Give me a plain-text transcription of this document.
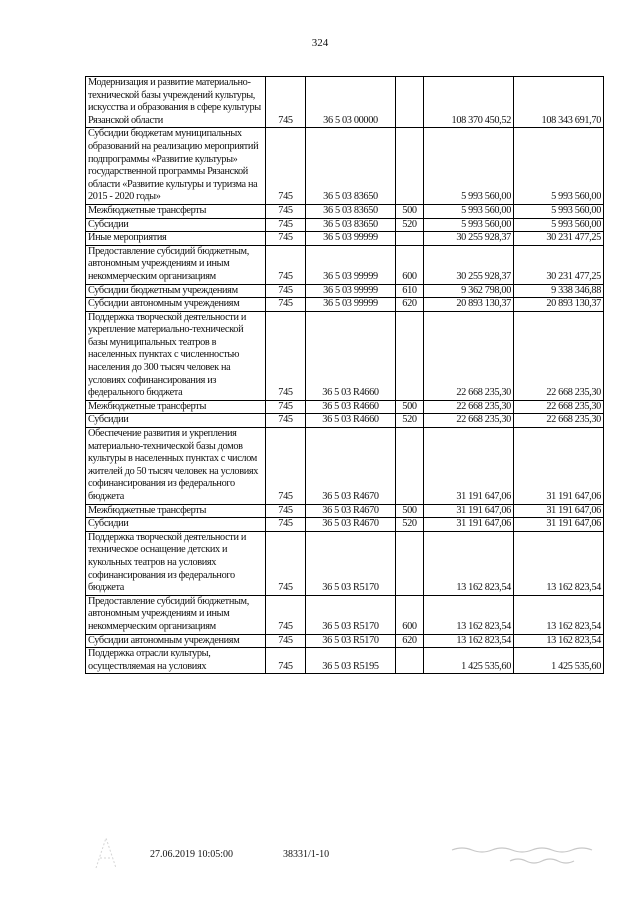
324
Модернизация и развитие материально-технической базы учреждений культуры, искусства и образования в сфере культуры Рязанской области	745	36 5 03 00000		108 370 450,52	108 343 691,70
Субсидии бюджетам муниципальных образований на реализацию мероприятий подпрограммы «Развитие культуры» государственной программы Рязанской области «Развитие культуры и туризма на 2015 - 2020 годы»	745	36 5 03 83650		5 993 560,00	5 993 560,00
Межбюджетные трансферты	745	36 5 03 83650	500	5 993 560,00	5 993 560,00
Субсидии	745	36 5 03 83650	520	5 993 560,00	5 993 560,00
Иные мероприятия	745	36 5 03 99999		30 255 928,37	30 231 477,25
Предоставление субсидий бюджетным, автономным учреждениям и иным некоммерческим организациям	745	36 5 03 99999	600	30 255 928,37	30 231 477,25
Субсидии бюджетным учреждениям	745	36 5 03 99999	610	9 362 798,00	9 338 346,88
Субсидии автономным учреждениям	745	36 5 03 99999	620	20 893 130,37	20 893 130,37
Поддержка творческой деятельности и укрепление материально-технической базы муниципальных театров в населенных пунктах с численностью населения до 300 тысяч человек на условиях софинансирования из федерального бюджета	745	36 5 03 R4660		22 668 235,30	22 668 235,30
Межбюджетные трансферты	745	36 5 03 R4660	500	22 668 235,30	22 668 235,30
Субсидии	745	36 5 03 R4660	520	22 668 235,30	22 668 235,30
Обеспечение развития и укрепления материально-технической базы домов культуры в населенных пунктах с числом жителей до 50 тысяч человек на условиях софинансирования из федерального бюджета	745	36 5 03 R4670		31 191 647,06	31 191 647,06
Межбюджетные трансферты	745	36 5 03 R4670	500	31 191 647,06	31 191 647,06
Субсидии	745	36 5 03 R4670	520	31 191 647,06	31 191 647,06
Поддержка творческой деятельности и техническое оснащение детских и кукольных театров на условиях софинансирования из федерального бюджета	745	36 5 03 R5170		13 162 823,54	13 162 823,54
Предоставление субсидий бюджетным, автономным учреждениям и иным некоммерческим организациям	745	36 5 03 R5170	600	13 162 823,54	13 162 823,54
Субсидии автономным учреждениям	745	36 5 03 R5170	620	13 162 823,54	13 162 823,54
Поддержка отрасли культуры, осуществляемая на условиях	745	36 5 03 R5195		1 425 535,60	1 425 535,60
27.06.2019 10:05:00	38331/1-10
